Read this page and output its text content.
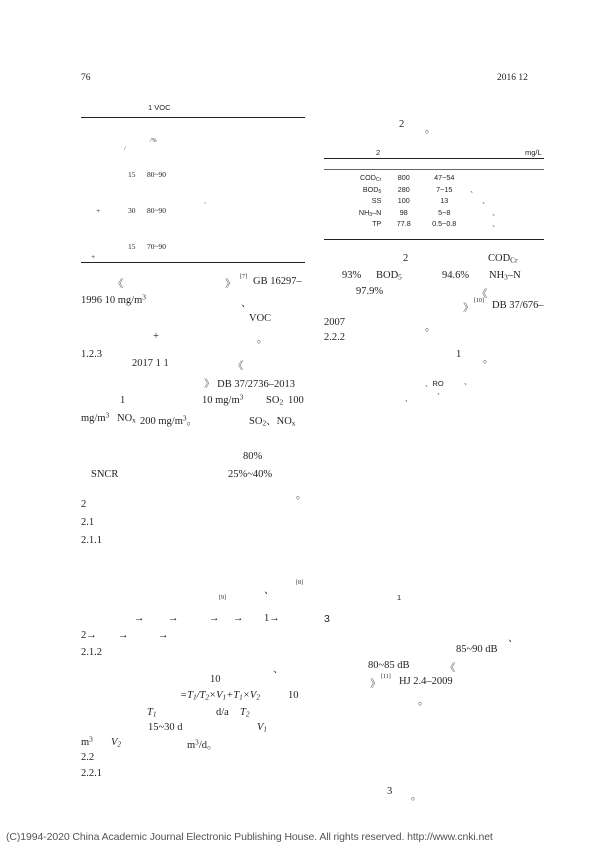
76	2016 12
1 VOC
/%
/
15 80~90
、
+	30 80~90
15 70~90
+
《	》
[7] GB 16297–
1996 10 $mg/m^3$
、
VOC
+	。
1.2.3
2017 1 1	《
》 DB 37/2736–2013
1	10 $mg/m^3$ $SO_2$ 100
$mg/m^3$ $NO_x$ 200 $mg/m^3$。	$SO_2$、$NO_x$
80%
SNCR	25%~40%
。
2
2.1
2.1.1
、
[8]
[9]
→ →	→ → 1→
2→ →	→
2.1.2
、
10
$=T_1/T_2\times V_1+T_1\times V_2$	10
$T_1$	d/a $T_2$
15~30 d	$V_1$
$m^3$ $V_2$	$m^3/d$。
2.2
2.2.1
2 。
2	mg/L
$COD_{Cr}$	800	47~54	
$BOD_5$	280	7~15	、
SS	100	13	、
$NH_3-N$	98	5~8	、
TP	77.8	0.5~0.8	、
2	$COD_{Cr}$
93% $BOD_5$	94.6% $NH_3-N$
97.9%	《
》
[10] DB 37/676–
2007	。
2.2.2
1 。
、RO	、
、
、
1
3
、
85~90 dB
80~85 dB	《
》
[11] HJ 2.4–2009
。
3 。
(C)1994-2020 China Academic Journal Electronic Publishing House. All rights reserved. http://www.cnki.net
